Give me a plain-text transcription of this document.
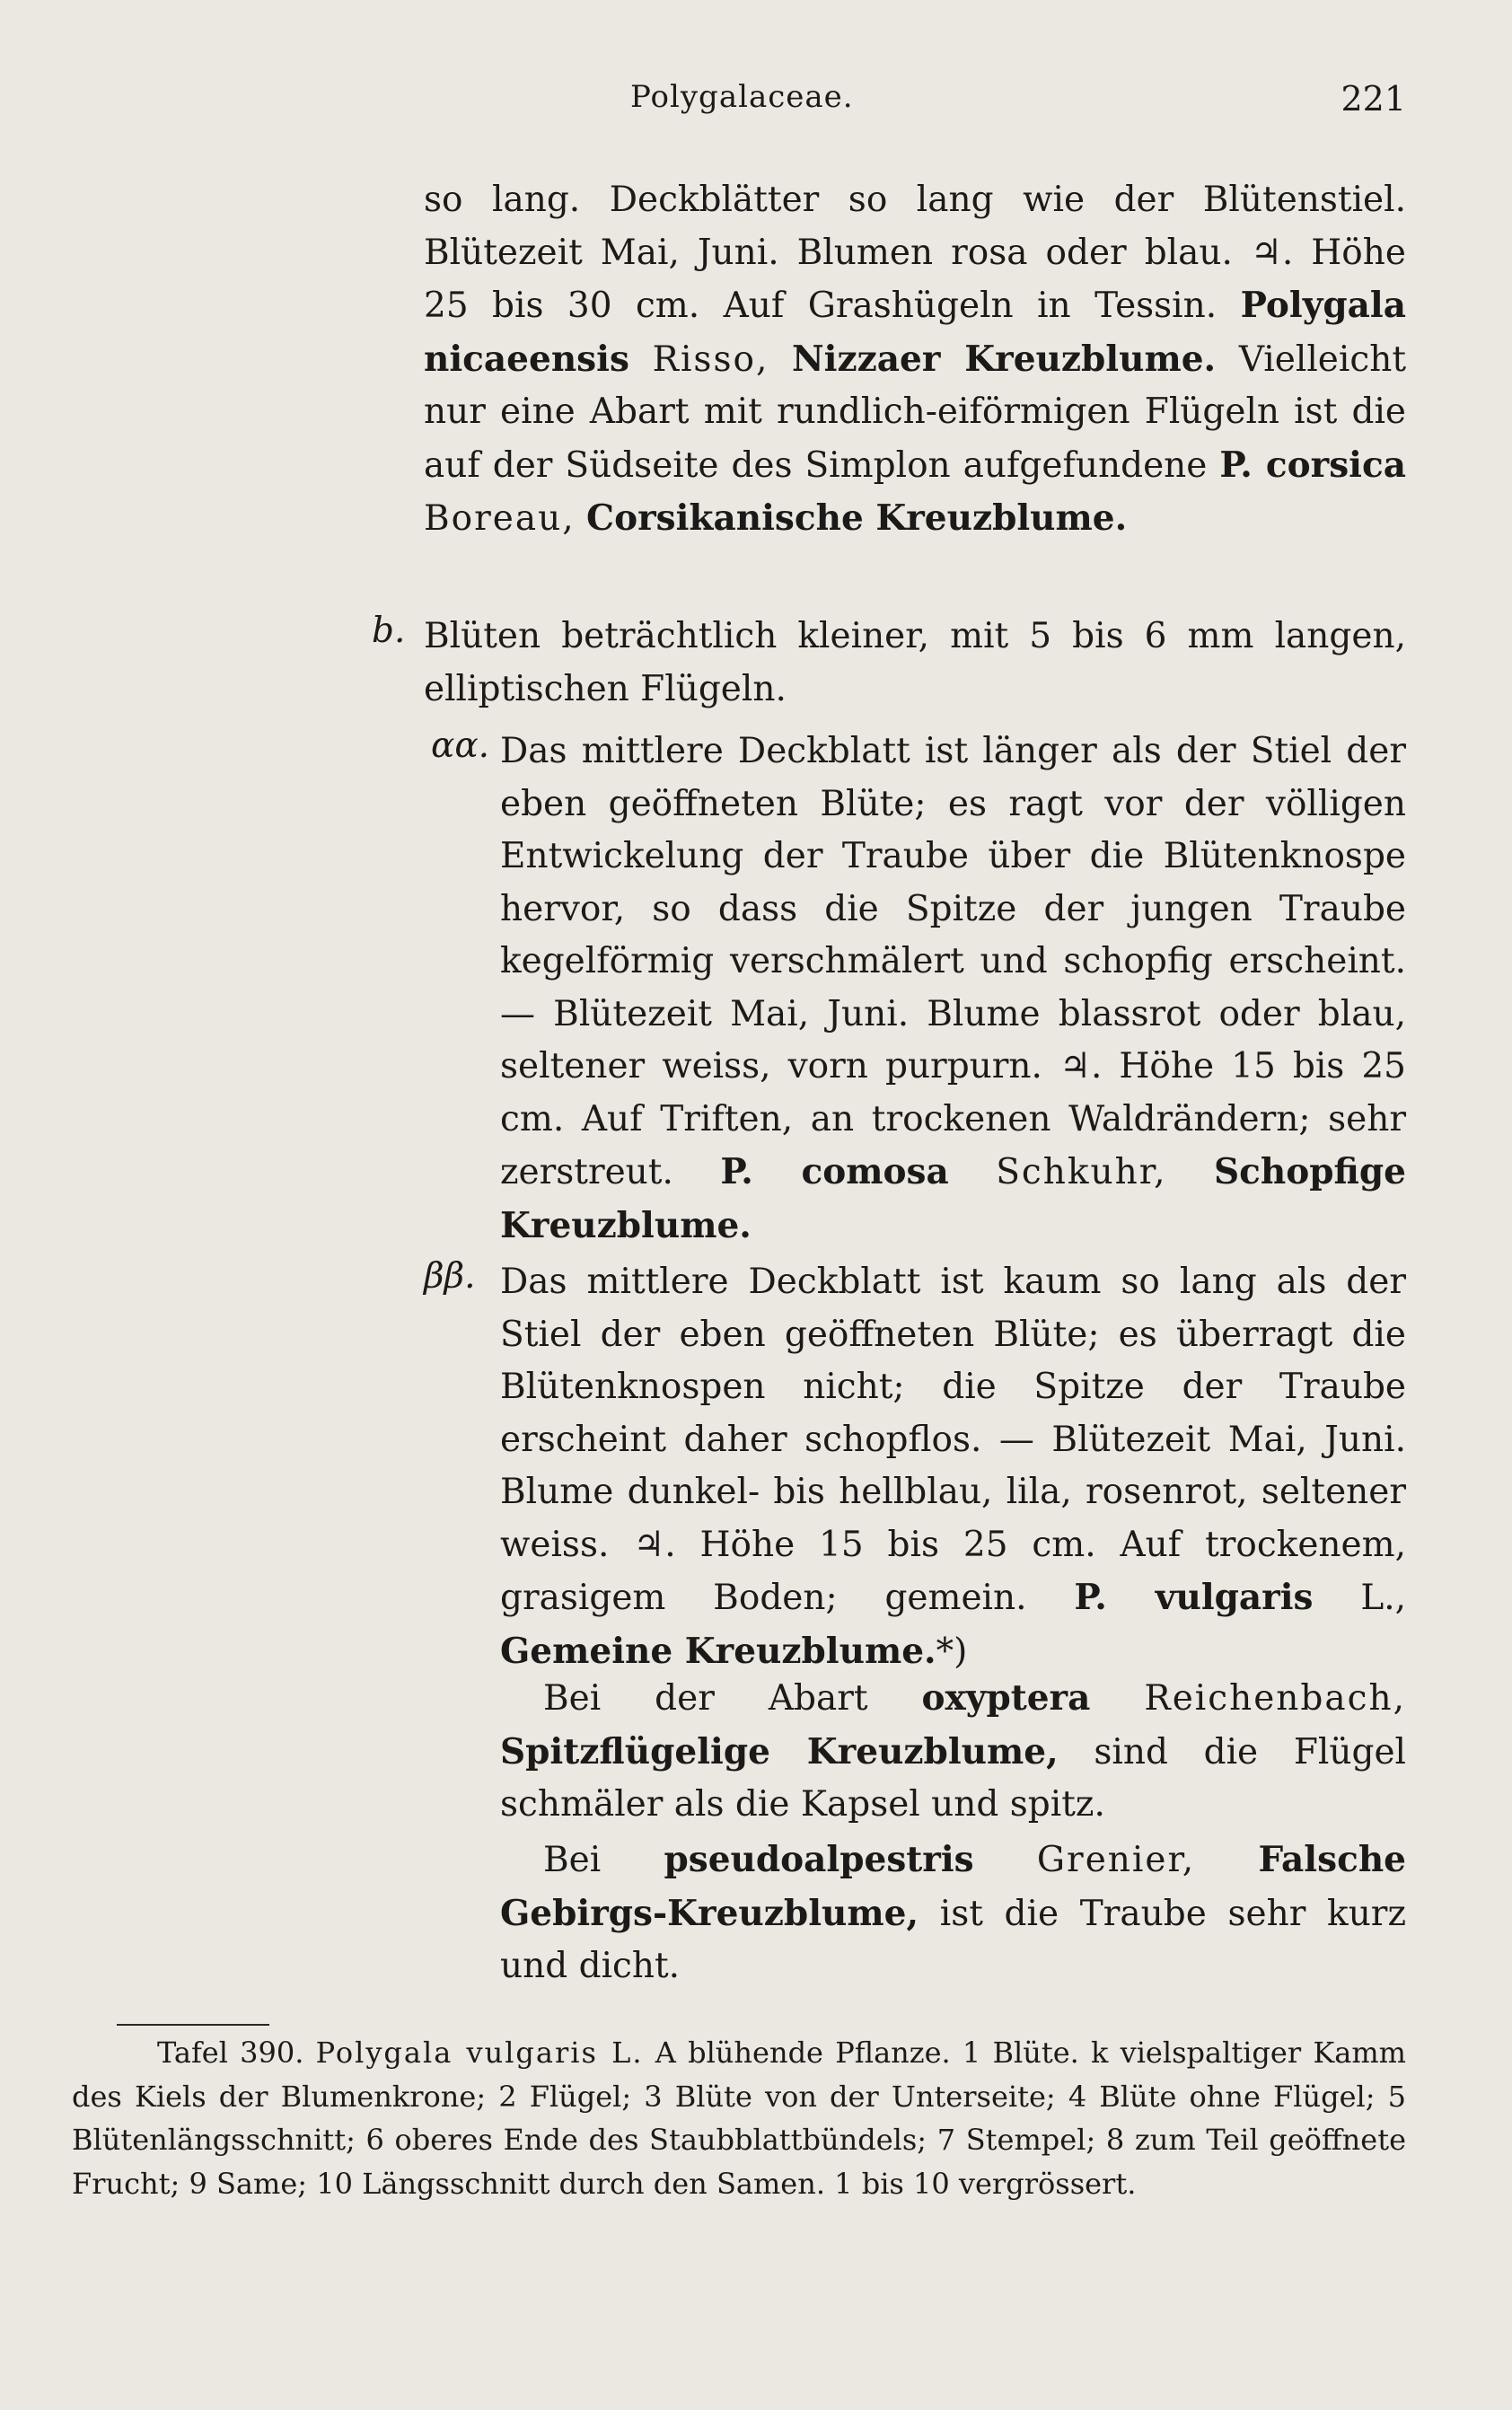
Polygalaceae.	221

so lang. Deckblätter so lang wie der Blütenstiel. Blütezeit Mai, Juni. Blumen rosa oder blau. ♃. Höhe 25 bis 30 cm. Auf Grashügeln in Tessin. Polygala nicaeensis Risso, Nizzaer Kreuzblume. Vielleicht nur eine Abart mit rundlich-eiförmigen Flügeln ist die auf der Südseite des Simplon aufgefundene P. corsica Boreau, Corsikanische Kreuzblume.

b. Blüten beträchtlich kleiner, mit 5 bis 6 mm langen, elliptischen Flügeln.

αα. Das mittlere Deckblatt ist länger als der Stiel der eben geöffneten Blüte; es ragt vor der völligen Entwickelung der Traube über die Blütenknospe hervor, so dass die Spitze der jungen Traube kegelförmig verschmälert und schopfig erscheint. — Blütezeit Mai, Juni. Blume blassrot oder blau, seltener weiss, vorn purpurn. ♃. Höhe 15 bis 25 cm. Auf Triften, an trockenen Waldrändern; sehr zerstreut. P. comosa Schkuhr, Schopfige Kreuzblume.

ββ. Das mittlere Deckblatt ist kaum so lang als der Stiel der eben geöffneten Blüte; es überragt die Blütenknospen nicht; die Spitze der Traube erscheint daher schopflos. — Blütezeit Mai, Juni. Blume dunkel- bis hellblau, lila, rosenrot, seltener weiss. ♃. Höhe 15 bis 25 cm. Auf trockenem, grasigem Boden; gemein. P. vulgaris L., Gemeine Kreuzblume.*)

Bei der Abart oxyptera Reichenbach, Spitzflügelige Kreuzblume, sind die Flügel schmäler als die Kapsel und spitz.

Bei pseudoalpestris Grenier, Falsche Gebirgs-Kreuzblume, ist die Traube sehr kurz und dicht.

Tafel 390. Polygala vulgaris L. A blühende Pflanze. 1 Blüte. k vielspaltiger Kamm des Kiels der Blumenkrone; 2 Flügel; 3 Blüte von der Unterseite; 4 Blüte ohne Flügel; 5 Blütenlängsschnitt; 6 oberes Ende des Staubblattbündels; 7 Stempel; 8 zum Teil geöffnete Frucht; 9 Same; 10 Längsschnitt durch den Samen. 1 bis 10 vergrössert.
